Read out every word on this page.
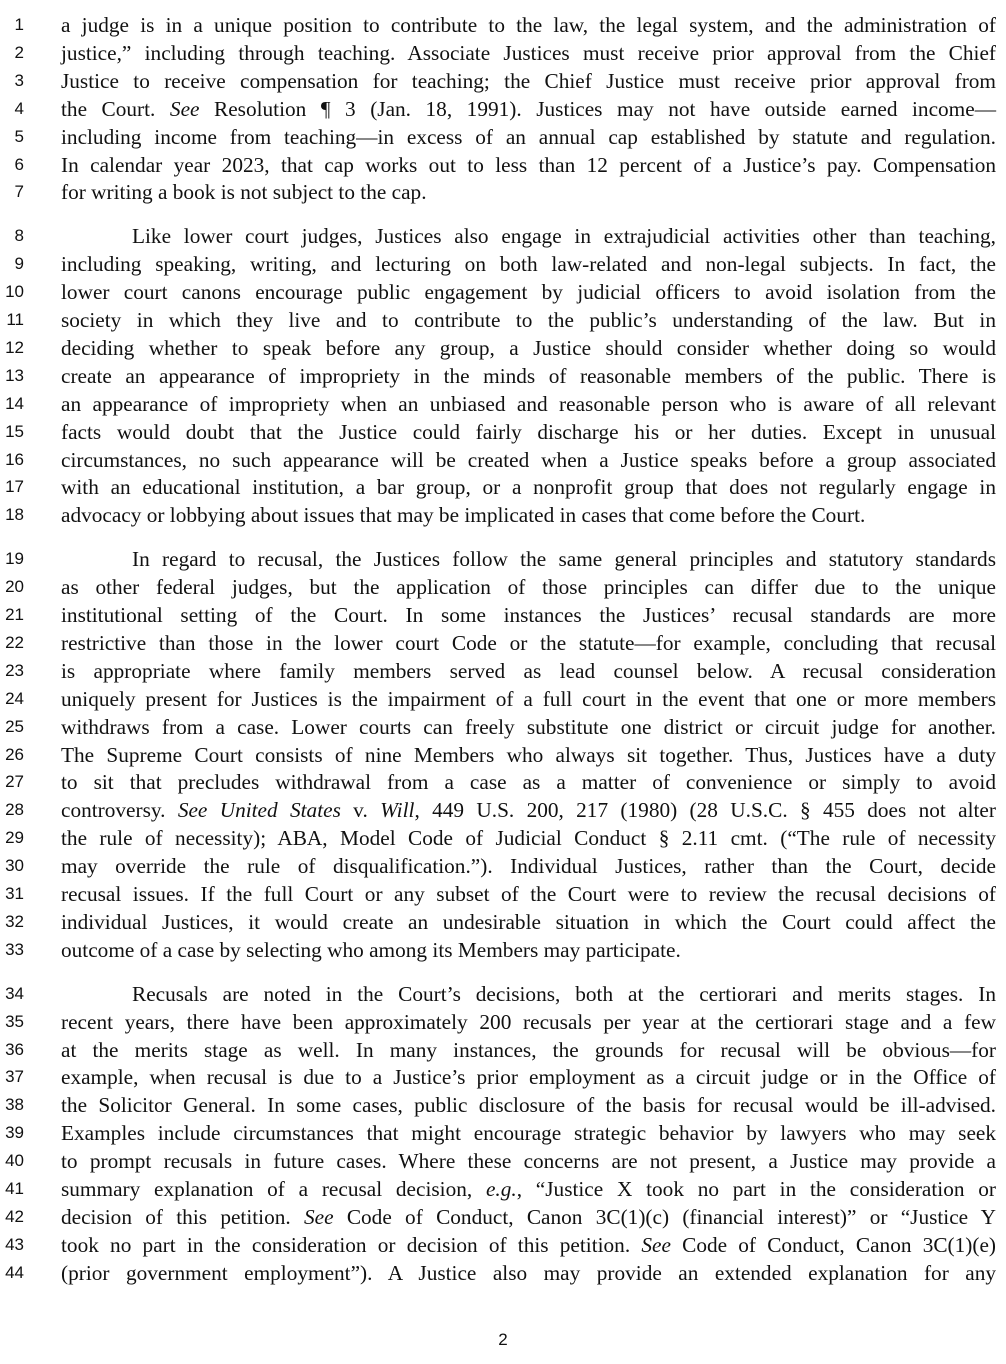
1 a judge is in a unique position to contribute to the law, the legal system, and the administration of
2 justice,” including through teaching. Associate Justices must receive prior approval from the Chief
3 Justice to receive compensation for teaching; the Chief Justice must receive prior approval from
4 the Court. See Resolution ¶ 3 (Jan. 18, 1991). Justices may not have outside earned income—
5 including income from teaching—in excess of an annual cap established by statute and regulation.
6 In calendar year 2023, that cap works out to less than 12 percent of a Justice’s pay. Compensation
7 for writing a book is not subject to the cap.
8	Like lower court judges, Justices also engage in extrajudicial activities other than teaching,
9 including speaking, writing, and lecturing on both law-related and non-legal subjects. In fact, the
10 lower court canons encourage public engagement by judicial officers to avoid isolation from the
11 society in which they live and to contribute to the public’s understanding of the law. But in
12 deciding whether to speak before any group, a Justice should consider whether doing so would
13 create an appearance of impropriety in the minds of reasonable members of the public. There is
14 an appearance of impropriety when an unbiased and reasonable person who is aware of all relevant
15 facts would doubt that the Justice could fairly discharge his or her duties. Except in unusual
16 circumstances, no such appearance will be created when a Justice speaks before a group associated
17 with an educational institution, a bar group, or a nonprofit group that does not regularly engage in
18 advocacy or lobbying about issues that may be implicated in cases that come before the Court.
19	In regard to recusal, the Justices follow the same general principles and statutory standards
20 as other federal judges, but the application of those principles can differ due to the unique
21 institutional setting of the Court. In some instances the Justices’ recusal standards are more
22 restrictive than those in the lower court Code or the statute—for example, concluding that recusal
23 is appropriate where family members served as lead counsel below. A recusal consideration
24 uniquely present for Justices is the impairment of a full court in the event that one or more members
25 withdraws from a case. Lower courts can freely substitute one district or circuit judge for another.
26 The Supreme Court consists of nine Members who always sit together. Thus, Justices have a duty
27 to sit that precludes withdrawal from a case as a matter of convenience or simply to avoid
28 controversy. See United States v. Will, 449 U.S. 200, 217 (1980) (28 U.S.C. § 455 does not alter
29 the rule of necessity); ABA, Model Code of Judicial Conduct § 2.11 cmt. (“The rule of necessity
30 may override the rule of disqualification.”). Individual Justices, rather than the Court, decide
31 recusal issues. If the full Court or any subset of the Court were to review the recusal decisions of
32 individual Justices, it would create an undesirable situation in which the Court could affect the
33 outcome of a case by selecting who among its Members may participate.
34	Recusals are noted in the Court’s decisions, both at the certiorari and merits stages. In
35 recent years, there have been approximately 200 recusals per year at the certiorari stage and a few
36 at the merits stage as well. In many instances, the grounds for recusal will be obvious—for
37 example, when recusal is due to a Justice’s prior employment as a circuit judge or in the Office of
38 the Solicitor General. In some cases, public disclosure of the basis for recusal would be ill-advised.
39 Examples include circumstances that might encourage strategic behavior by lawyers who may seek
40 to prompt recusals in future cases. Where these concerns are not present, a Justice may provide a
41 summary explanation of a recusal decision, e.g., “Justice X took no part in the consideration or
42 decision of this petition. See Code of Conduct, Canon 3C(1)(c) (financial interest)” or “Justice Y
43 took no part in the consideration or decision of this petition. See Code of Conduct, Canon 3C(1)(e)
44 (prior government employment”). A Justice also may provide an extended explanation for any
2
